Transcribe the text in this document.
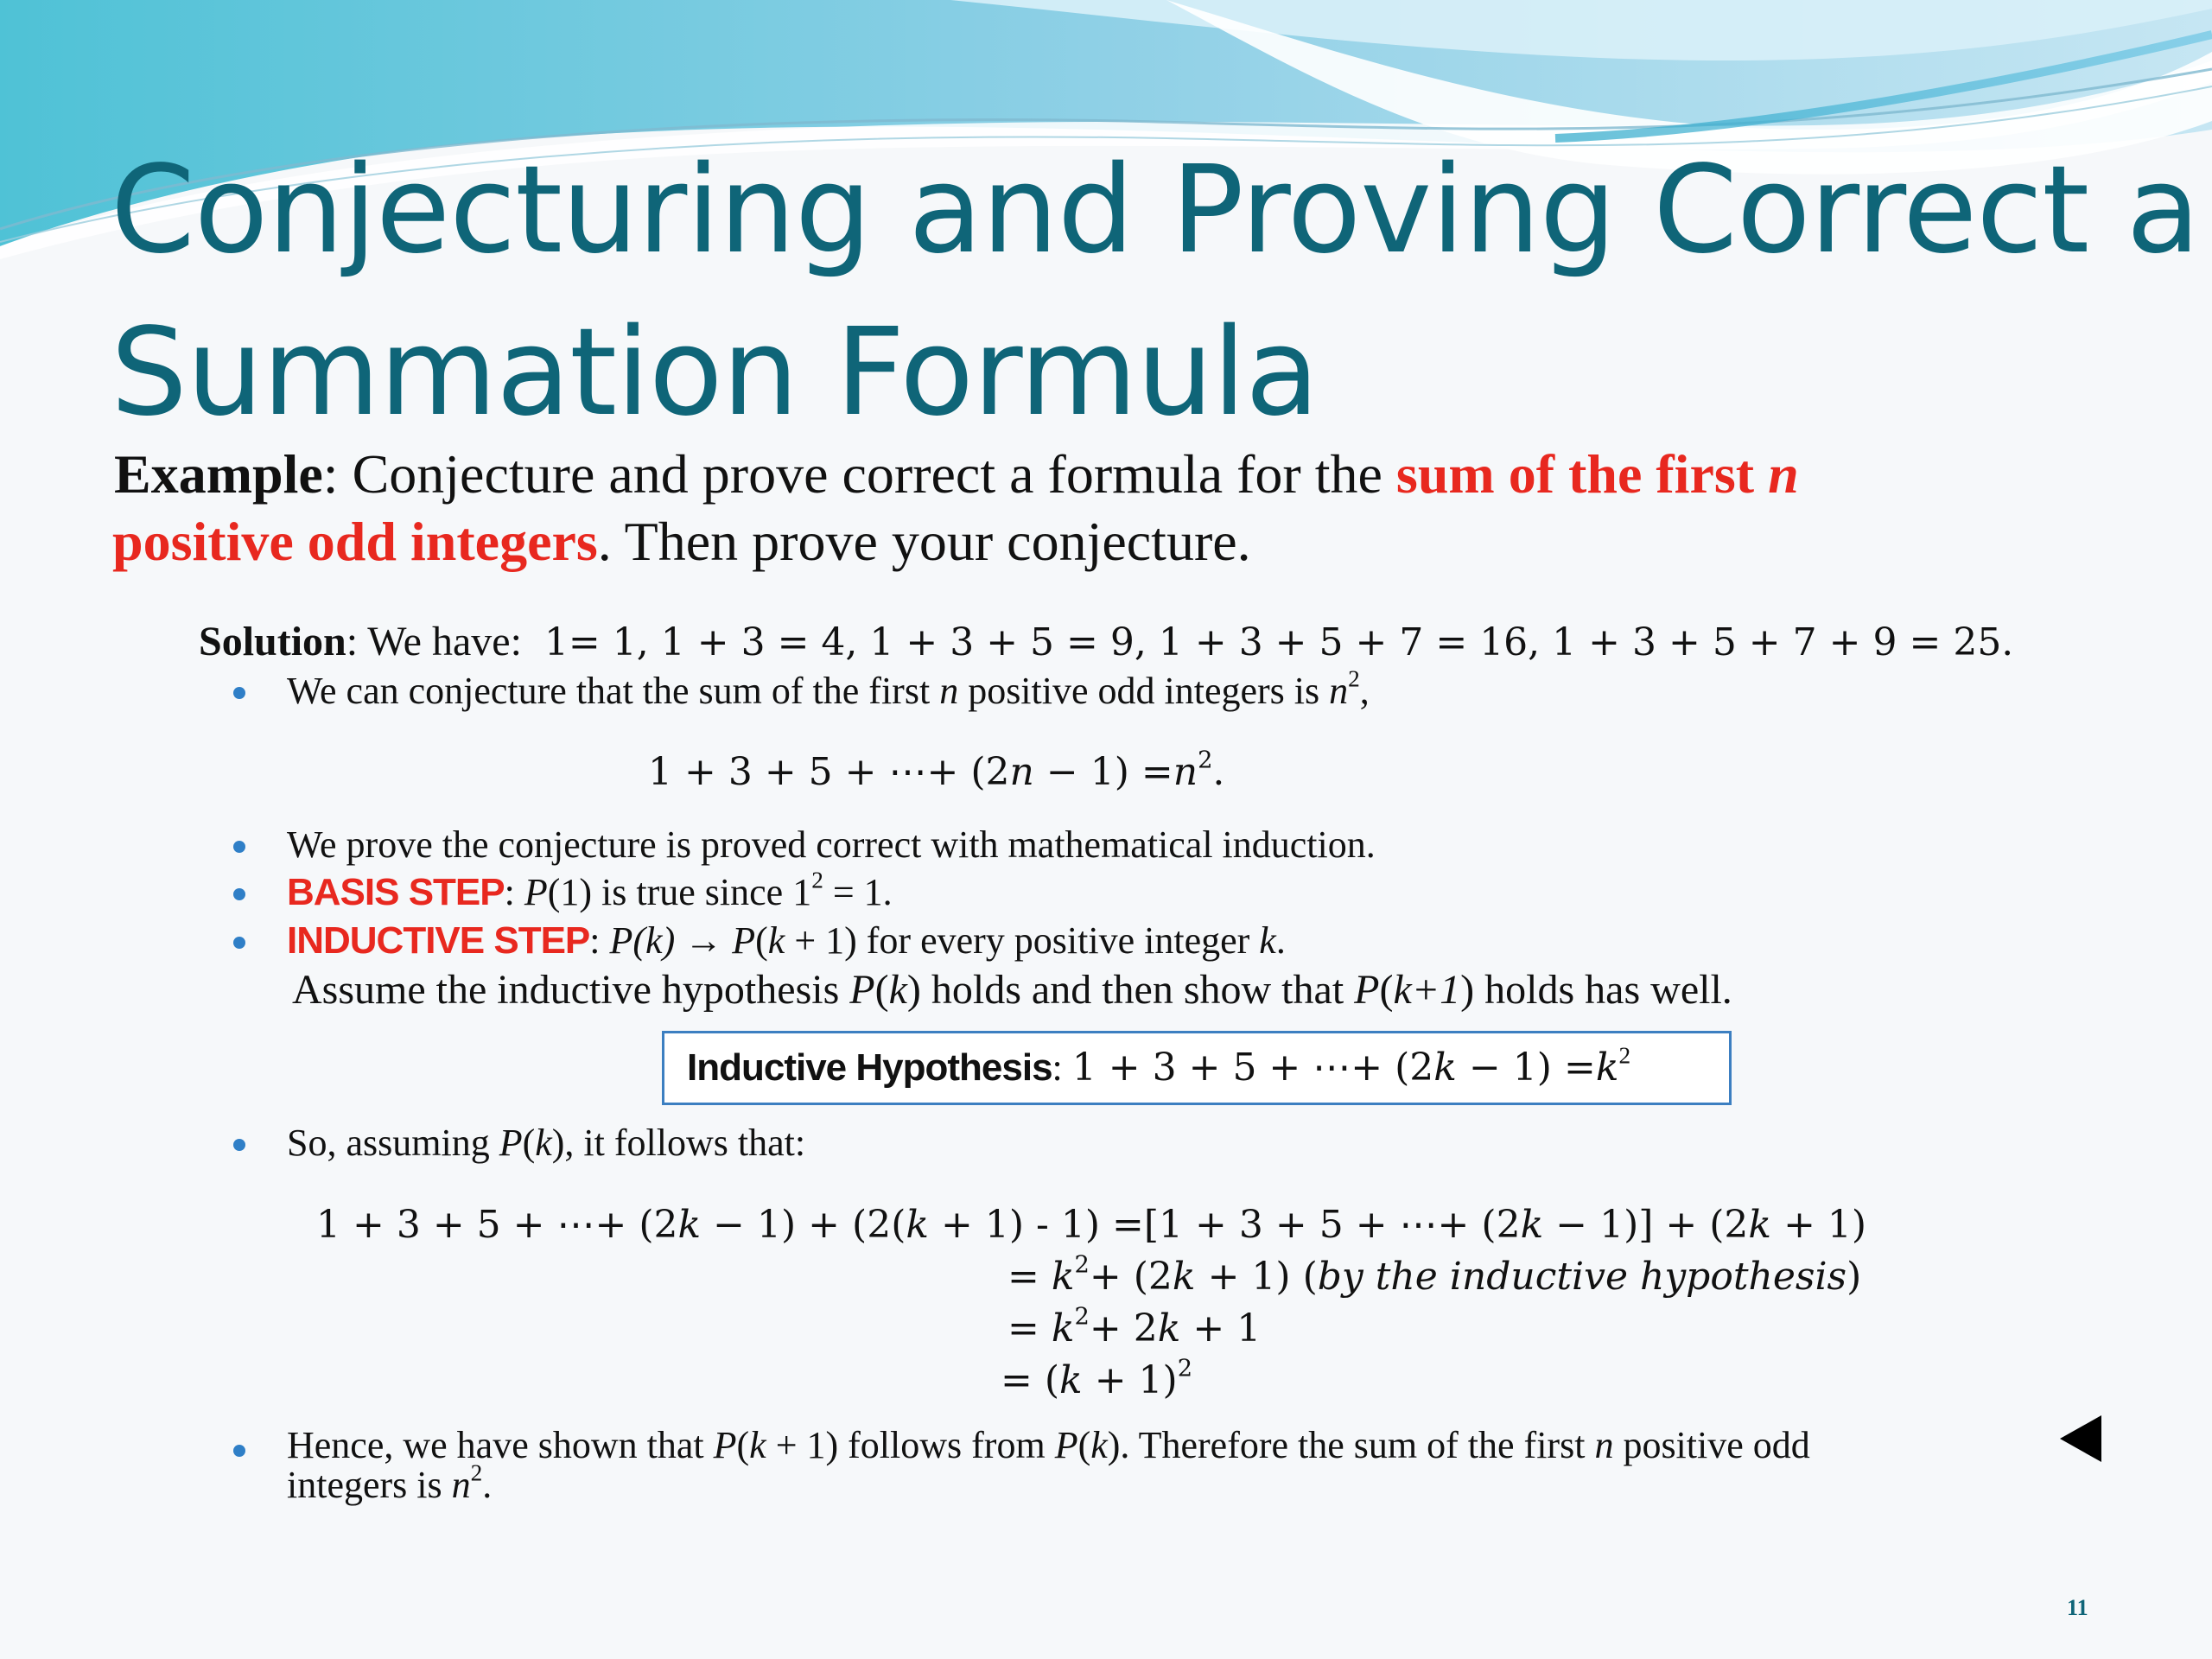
Conjecturing and Proving Correct a
Summation Formula

Example: Conjecture and prove correct a formula for the sum of the first n
positive odd integers. Then prove your conjecture.

Solution: We have: 1= 1, 1 + 3 = 4, 1 + 3 + 5 = 9, 1 + 3 + 5 + 7 = 16, 1 + 3 + 5 + 7 + 9 = 25.

We can conjecture that the sum of the first n positive odd integers is $n^2$,

1 + 3 + 5 + ⋯+ $(2n - 1) =n^2$.

We prove the conjecture is proved correct with mathematical induction.

BASIS STEP: P(1) is true since $1^2 = 1$.

INDUCTIVE STEP: P(k) → P(k + 1) for every positive integer k.

Assume the inductive hypothesis P(k) holds and then show that P(k+1) holds has well.

Inductive Hypothesis: 1 + 3 + 5 + ⋯+ $(2k - 1) =k^2$

So, assuming P(k), it follows that:

1 + 3 + 5 + ⋯+ (2k − 1) + (2(k + 1) - 1) =[1 + 3 + 5 + ⋯+ (2k − 1)] + (2k + 1)
= $k^2+ (2k + 1)$ (by the inductive hypothesis)
= $k^2+ 2k + 1$
= $(k + 1)^2$

Hence, we have shown that P(k + 1) follows from P(k). Therefore the sum of the first n positive odd
integers is $n^2$.

11
